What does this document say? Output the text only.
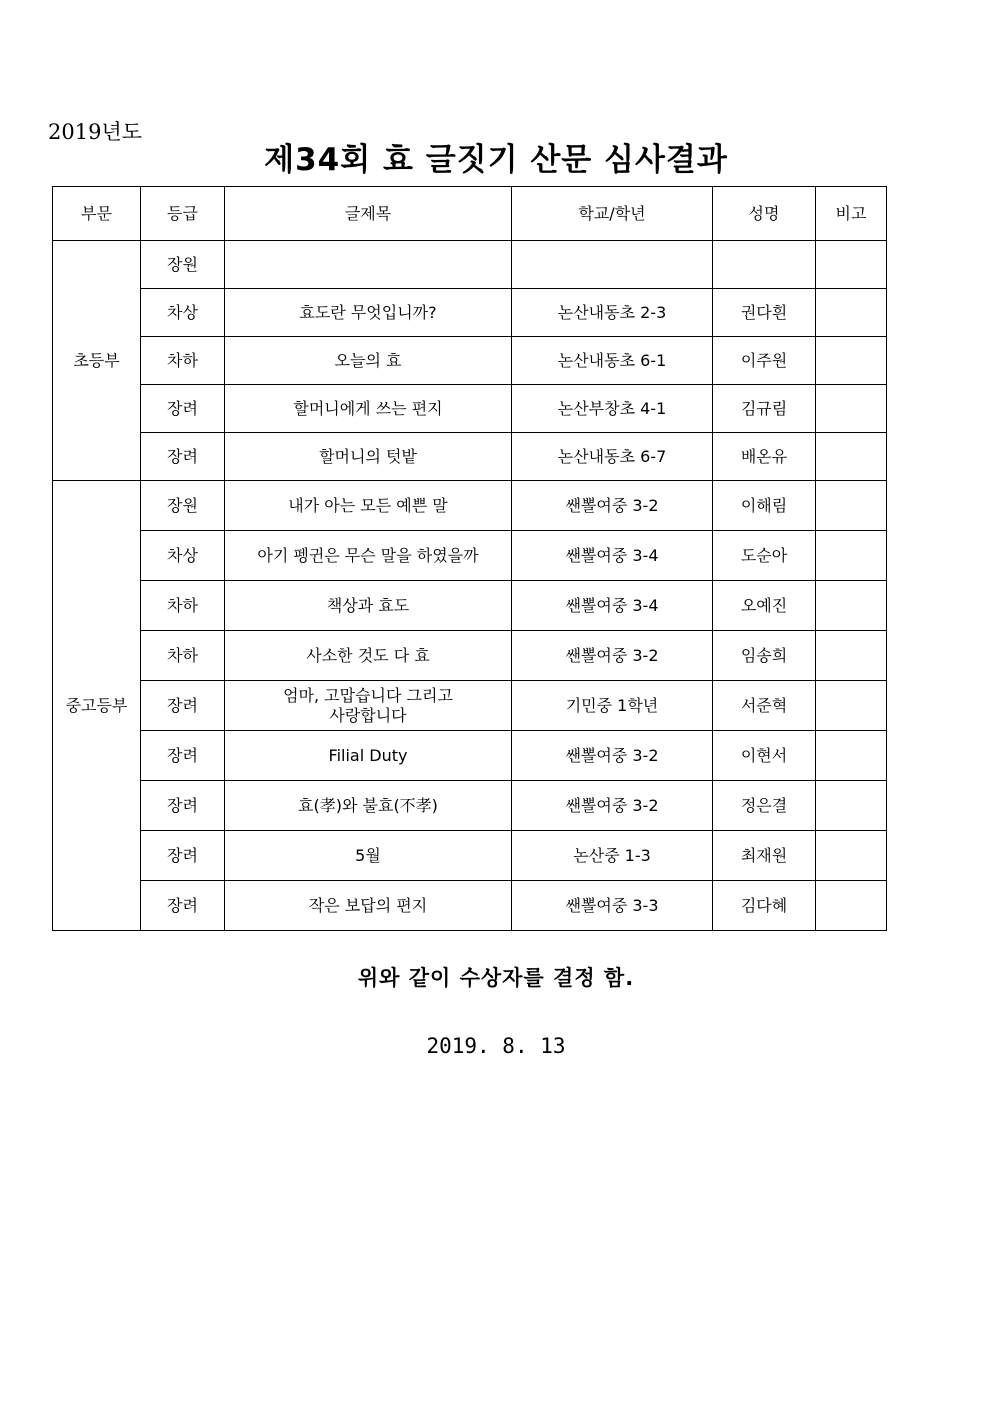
2019년도
제34회 효 글짓기 산문 심사결과
부문	등급	글제목	학교/학년	성명	비고
초등부	장원				
	차상	효도란 무엇입니까?	논산내동초 2-3	권다흰	
	차하	오늘의 효	논산내동초 6-1	이주원	
	장려	할머니에게 쓰는 편지	논산부창초 4-1	김규림	
	장려	할머니의 텃밭	논산내동초 6-7	배온유	
중고등부	장원	내가 아는 모든 예쁜 말	쌘뽈여중 3-2	이해림	
	차상	아기 펭귄은 무슨 말을 하였을까	쌘뽈여중 3-4	도순아	
	차하	책상과 효도	쌘뽈여중 3-4	오예진	
	차하	사소한 것도 다 효	쌘뽈여중 3-2	임송희	
	장려	엄마, 고맙습니다 그리고
사랑합니다	기민중 1학년	서준혁	
	장려	Filial Duty	쌘뽈여중 3-2	이현서	
	장려	효(孝)와 불효(不孝)	쌘뽈여중 3-2	정은결	
	장려	5월	논산중 1-3	최재원	
	장려	작은 보답의 편지	쌘뽈여중 3-3	김다혜	
위와 같이 수상자를 결정 함.
2019. 8. 13
